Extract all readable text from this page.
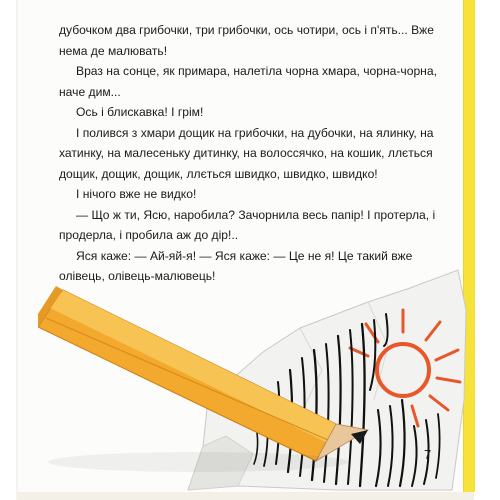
дубочком два грибочки, три грибочки, ось чотири, ось і п'ять... Вже нема де малювать!

Враз на сонце, як примара, налетіла чорна хмара, чорна-чорна, наче дим...

Ось і блискавка! І грім!

І полився з хмари дощик на грибочки, на дубочки, на ялинку, на хатинку, на малесеньку дитинку, на волоссячко, на кошик, ллється дощик, дощик, дощик, ллється швидко, швидко, швидко!

І нічого вже не видко!

— Що ж ти, Ясю, наробила? Зачорнила весь папір! І протерла, і продерла, і пробила аж до дір!..

Яся каже: — Ай-яй-я! — Яся каже: — Це не я! Це такий вже олівець, олівець-малювець!

7
